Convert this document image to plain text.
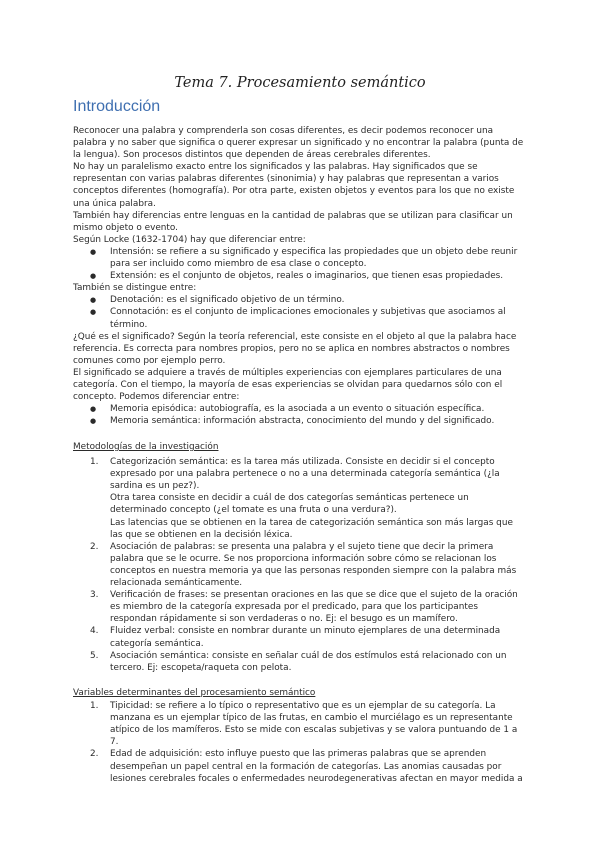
Tema 7. Procesamiento semántico
Introducción

Reconocer una palabra y comprenderla son cosas diferentes, es decir podemos reconocer una palabra y no saber que significa o querer expresar un significado y no encontrar la palabra (punta de la lengua). Son procesos distintos que dependen de áreas cerebrales diferentes.

No hay un paralelismo exacto entre los significados y las palabras. Hay significados que se representan con varias palabras diferentes (sinonimia) y hay palabras que representan a varios conceptos diferentes (homografía). Por otra parte, existen objetos y eventos para los que no existe una única palabra.

También hay diferencias entre lenguas en la cantidad de palabras que se utilizan para clasificar un mismo objeto o evento.

Según Locke (1632-1704) hay que diferenciar entre:

● Intensión: se refiere a su significado y especifica las propiedades que un objeto debe reunir para ser incluido como miembro de esa clase o concepto.
● Extensión: es el conjunto de objetos, reales o imaginarios, que tienen esas propiedades.

También se distingue entre:

● Denotación: es el significado objetivo de un término.
● Connotación: es el conjunto de implicaciones emocionales y subjetivas que asociamos al término.

¿Qué es el significado? Según la teoría referencial, este consiste en el objeto al que la palabra hace referencia. Es correcta para nombres propios, pero no se aplica en nombres abstractos o nombres comunes como por ejemplo perro.

El significado se adquiere a través de múltiples experiencias con ejemplares particulares de una categoría. Con el tiempo, la mayoría de esas experiencias se olvidan para quedarnos sólo con el concepto. Podemos diferenciar entre:

● Memoria episódica: autobiografía, es la asociada a un evento o situación específica.
● Memoria semántica: información abstracta, conocimiento del mundo y del significado.

Metodologías de la investigación

1. Categorización semántica: es la tarea más utilizada. Consiste en decidir si el concepto expresado por una palabra pertenece o no a una determinada categoría semántica (¿la sardina es un pez?).

Otra tarea consiste en decidir a cuál de dos categorías semánticas pertenece un determinado concepto (¿el tomate es una fruta o una verdura?).

Las latencias que se obtienen en la tarea de categorización semántica son más largas que las que se obtienen en la decisión léxica.

2. Asociación de palabras: se presenta una palabra y el sujeto tiene que decir la primera palabra que se le ocurre. Se nos proporciona información sobre cómo se relacionan los conceptos en nuestra memoria ya que las personas responden siempre con la palabra más relacionada semánticamente.

3. Verificación de frases: se presentan oraciones en las que se dice que el sujeto de la oración es miembro de la categoría expresada por el predicado, para que los participantes respondan rápidamente si son verdaderas o no. Ej: el besugo es un mamífero.

4. Fluidez verbal: consiste en nombrar durante un minuto ejemplares de una determinada categoría semántica.

5. Asociación semántica: consiste en señalar cuál de dos estímulos está relacionado con un tercero. Ej: escopeta/raqueta con pelota.

Variables determinantes del procesamiento semántico

1. Tipicidad: se refiere a lo típico o representativo que es un ejemplar de su categoría. La manzana es un ejemplar típico de las frutas, en cambio el murciélago es un representante atípico de los mamíferos. Esto se mide con escalas subjetivas y se valora puntuando de 1 a 7.

2. Edad de adquisición: esto influye puesto que las primeras palabras que se aprenden desempeñan un papel central en la formación de categorías. Las anomias causadas por lesiones cerebrales focales o enfermedades neurodegenerativas afectan en mayor medida a
